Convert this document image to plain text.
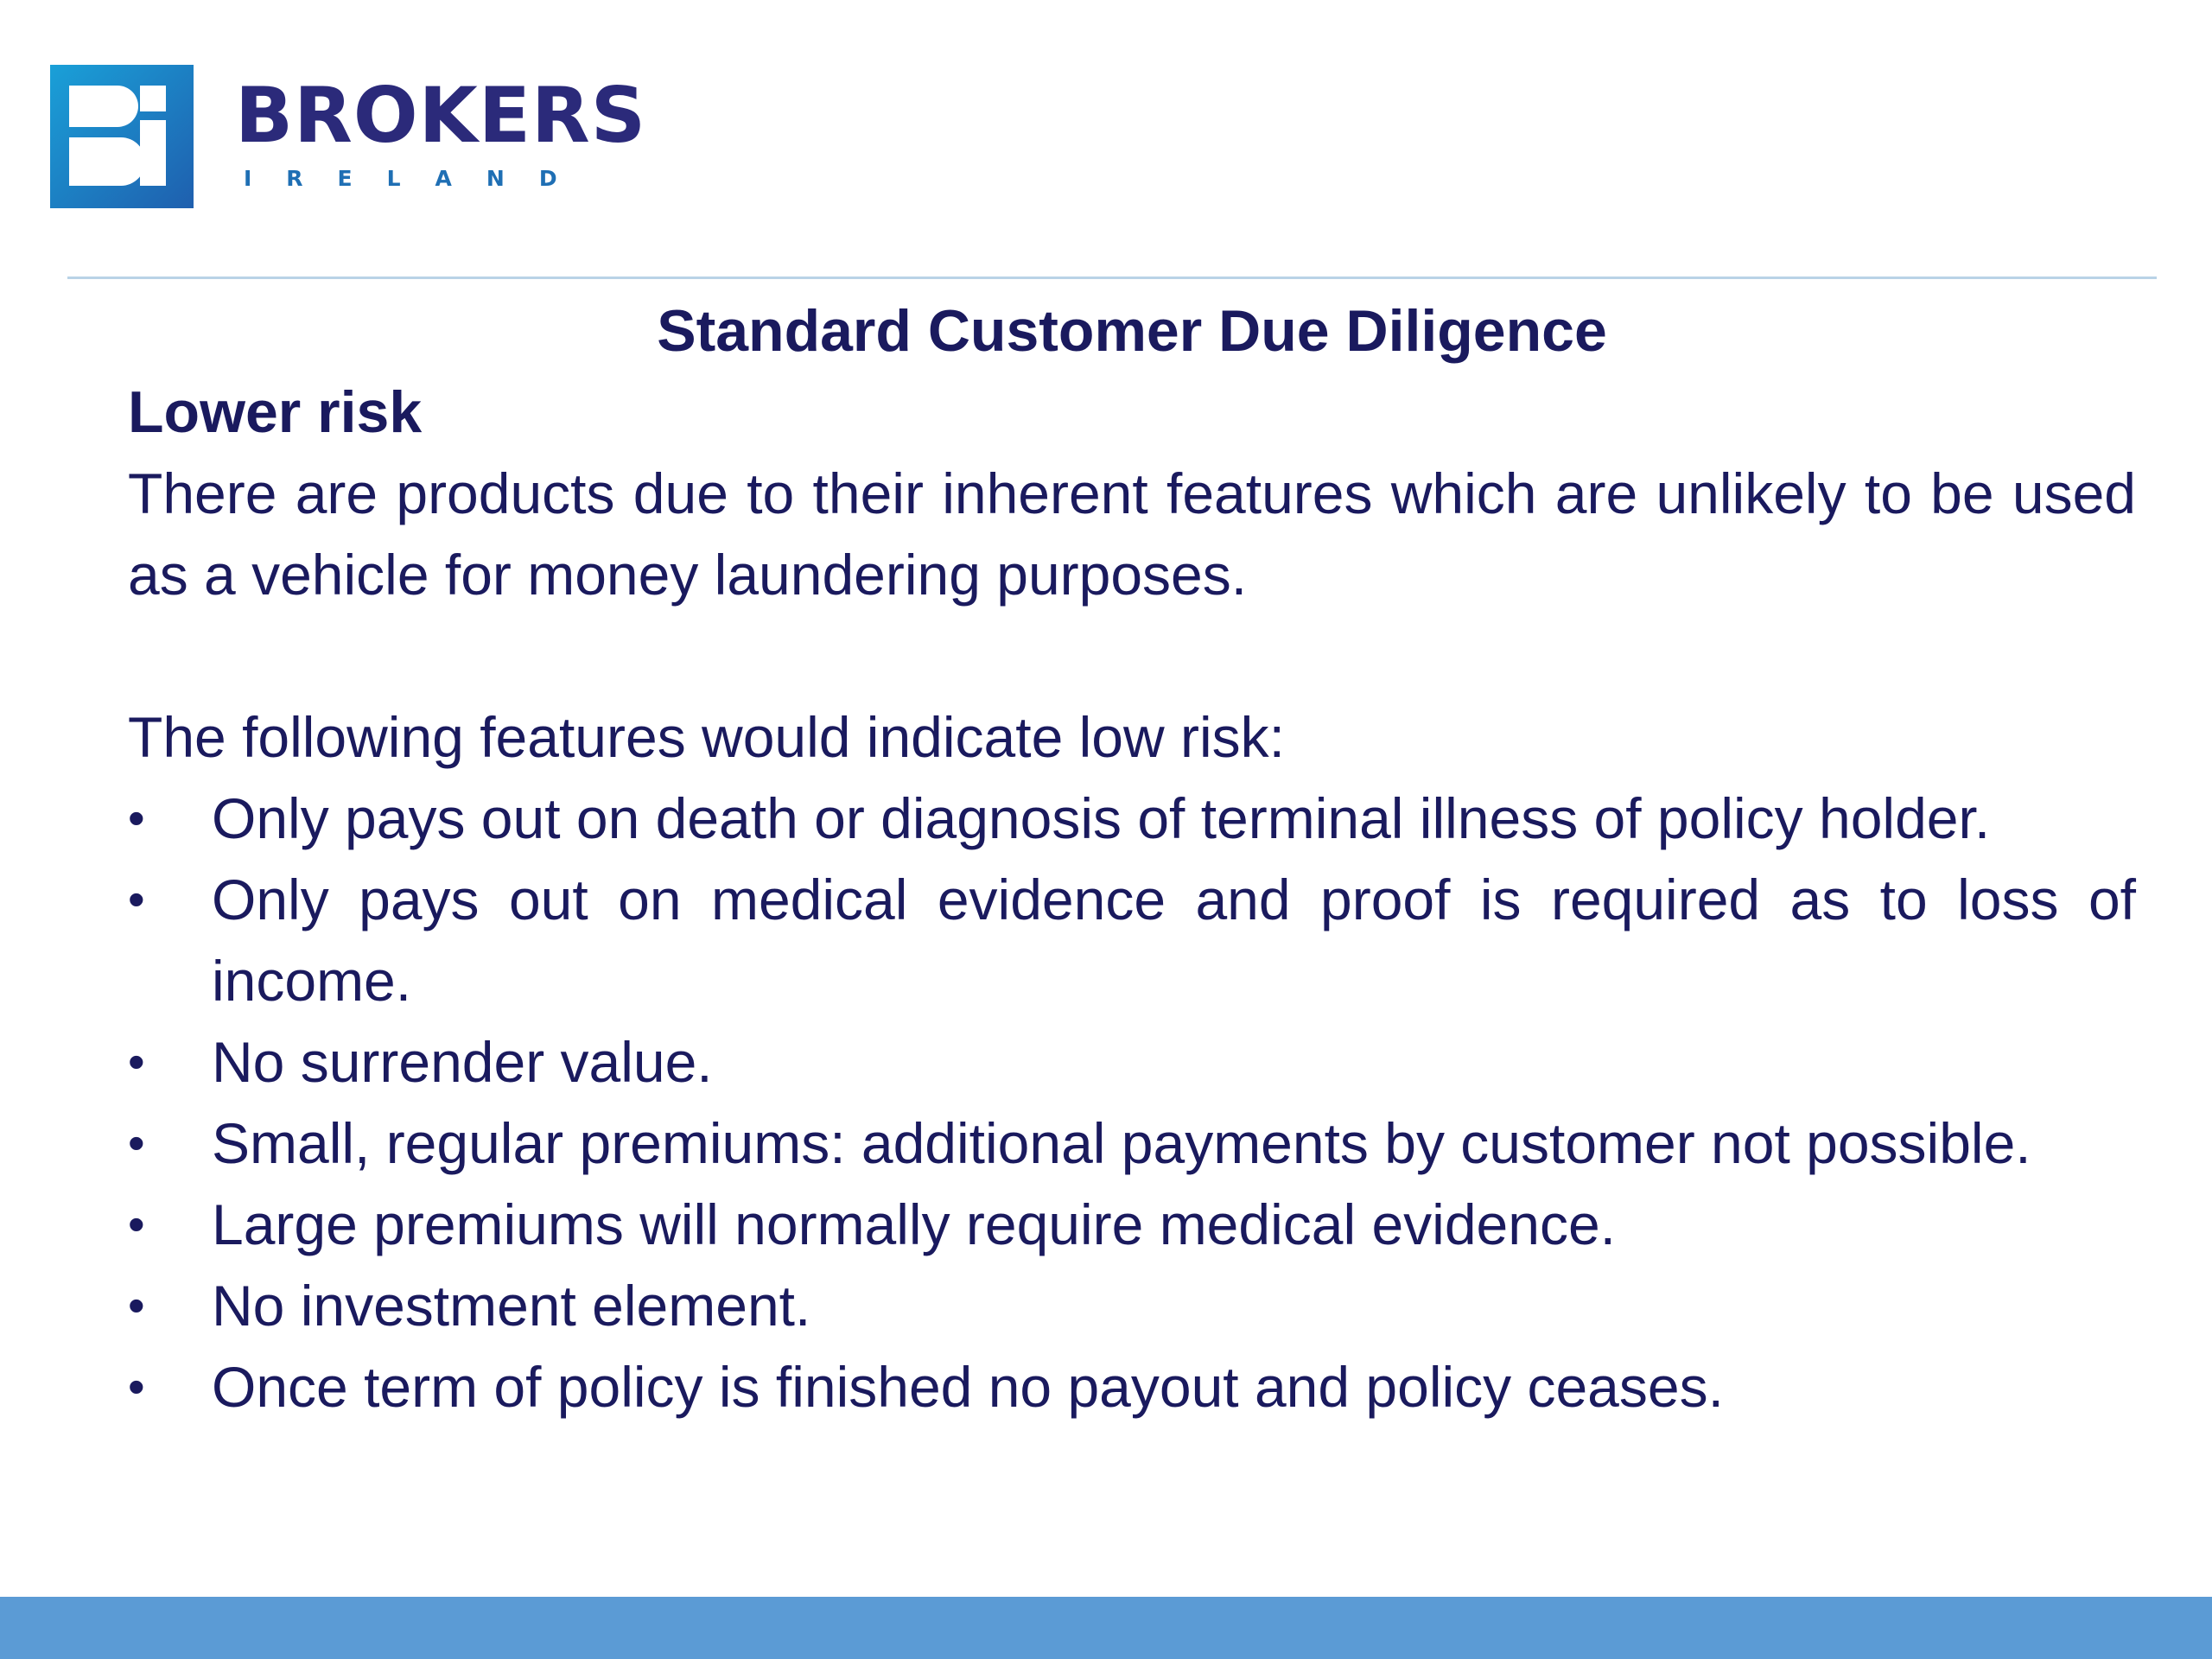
BROKERS
IRELAND
Standard Customer Due Diligence
Lower risk

There are products due to their inherent features which are unlikely to be used as a vehicle for money laundering purposes.

The following features would indicate low risk:

• Only pays out on death or diagnosis of terminal illness of policy holder.
• Only pays out on medical evidence and proof is required as to loss of income.
• No surrender value.
• Small, regular premiums: additional payments by customer not possible.
• Large premiums will normally require medical evidence.
• No investment element.
• Once term of policy is finished no payout and policy ceases.
